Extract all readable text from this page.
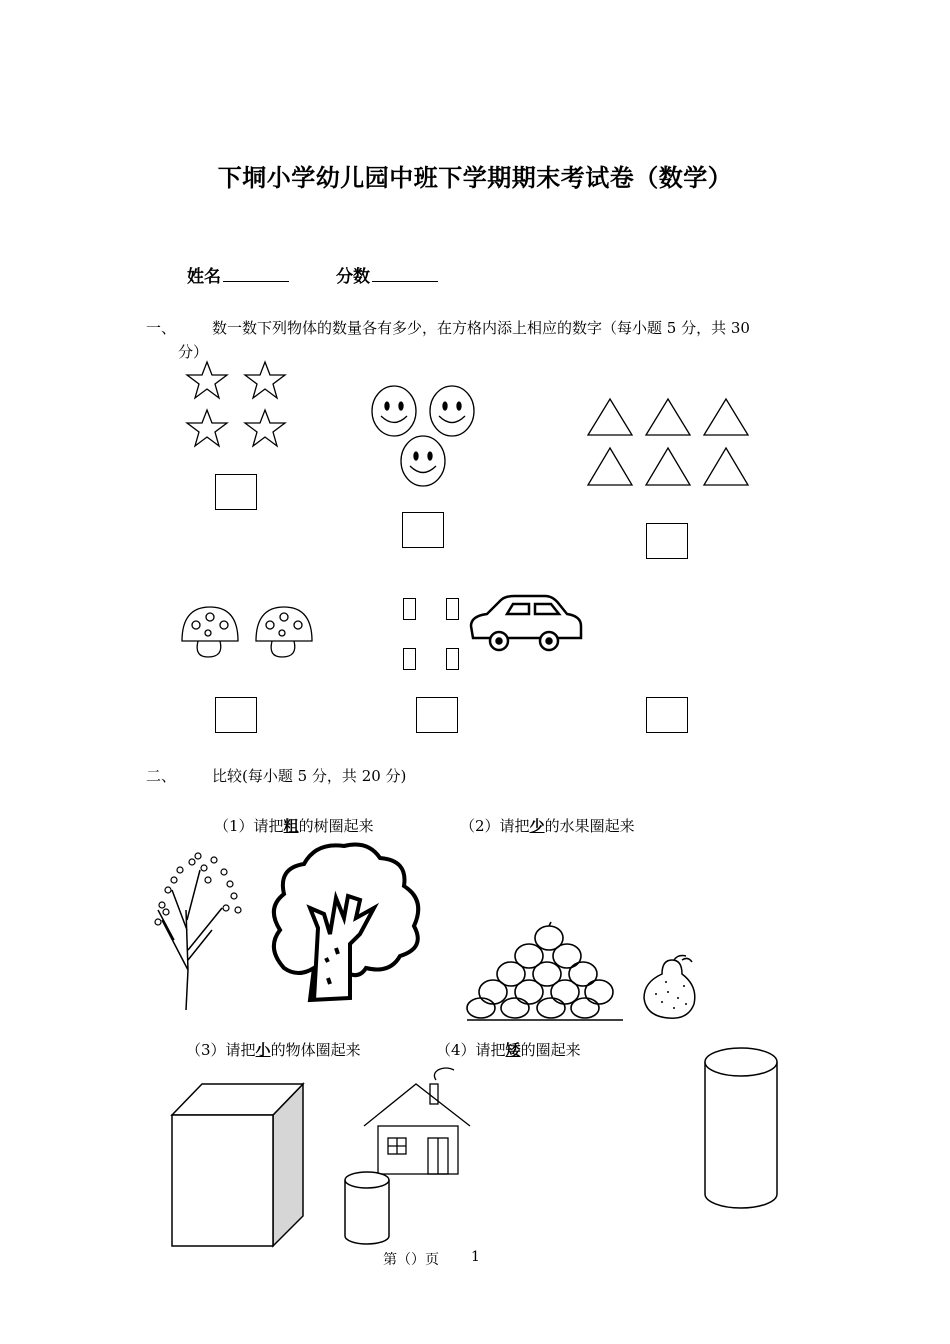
下垌小学幼儿园中班下学期期末考试卷（数学）
姓名	分数
一、 数一数下列物体的数量各有多少，在方格内添上相应的数字（每小题 5 分，共 30
分）
二、 比较(每小题 5 分，共 20 分)
（1）请把粗的树圈起来	（2）请把少的水果圈起来
（3）请把小的物体圈起来	（4）请把矮的圈起来
第（）页 1
